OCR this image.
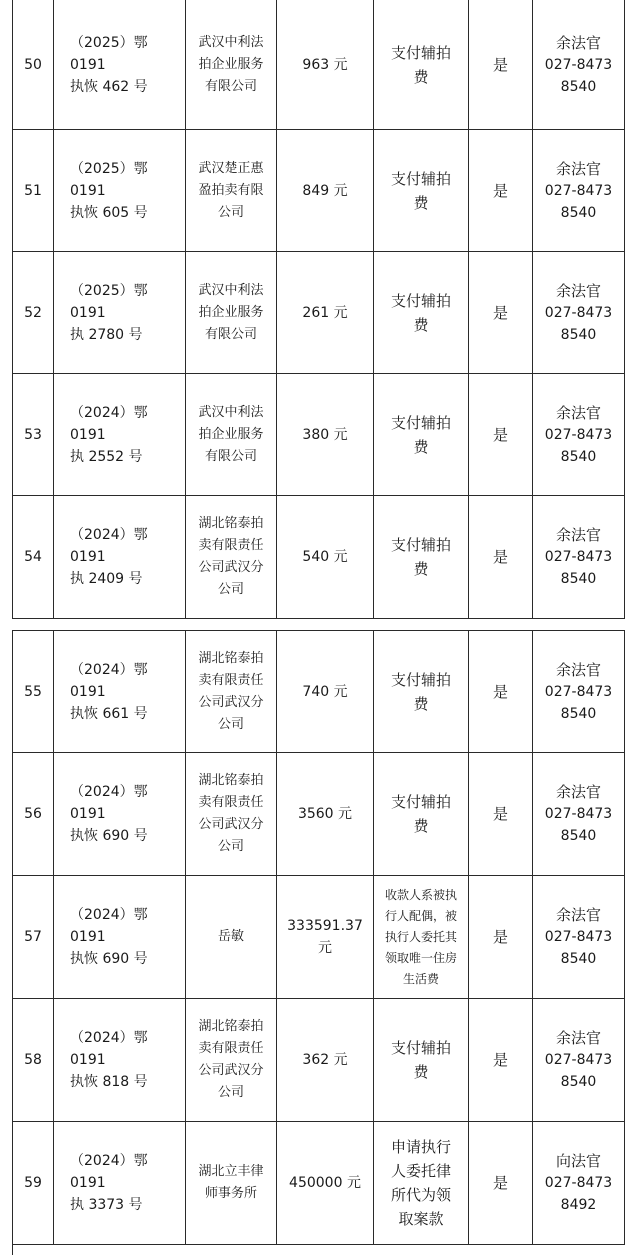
50	（2025）鄂 0191
执恢 462 号	武汉中利法
拍企业服务
有限公司	963 元	支付辅拍
费	是	余法官
027-8473
8540

51	（2025）鄂 0191
执恢 605 号	武汉楚正惠
盈拍卖有限
公司	849 元	支付辅拍
费	是	余法官
027-8473
8540

52	（2025）鄂 0191
执 2780 号	武汉中利法
拍企业服务
有限公司	261 元	支付辅拍
费	是	余法官
027-8473
8540

53	（2024）鄂 0191
执 2552 号	武汉中利法
拍企业服务
有限公司	380 元	支付辅拍
费	是	余法官
027-8473
8540

54	（2024）鄂 0191
执 2409 号	湖北铭泰拍
卖有限责任
公司武汉分
公司	540 元	支付辅拍
费	是	余法官
027-8473
8540
55	（2024）鄂 0191
执恢 661 号	湖北铭泰拍
卖有限责任
公司武汉分
公司	740 元	支付辅拍
费	是	余法官
027-8473
8540

56	（2024）鄂 0191
执恢 690 号	湖北铭泰拍
卖有限责任
公司武汉分
公司	3560 元	支付辅拍
费	是	余法官
027-8473
8540

57	（2024）鄂 0191
执恢 690 号	岳敏	333591.37
元	收款人系被执
行人配偶，被
执行人委托其
领取唯一住房
生活费	是	余法官
027-8473
8540

58	（2024）鄂 0191
执恢 818 号	湖北铭泰拍
卖有限责任
公司武汉分
公司	362 元	支付辅拍
费	是	余法官
027-8473
8540

59	（2024）鄂 0191
执 3373 号	湖北立丰律
师事务所	450000 元	申请执行
人委托律
所代为领
取案款	是	向法官
027-8473
8492
